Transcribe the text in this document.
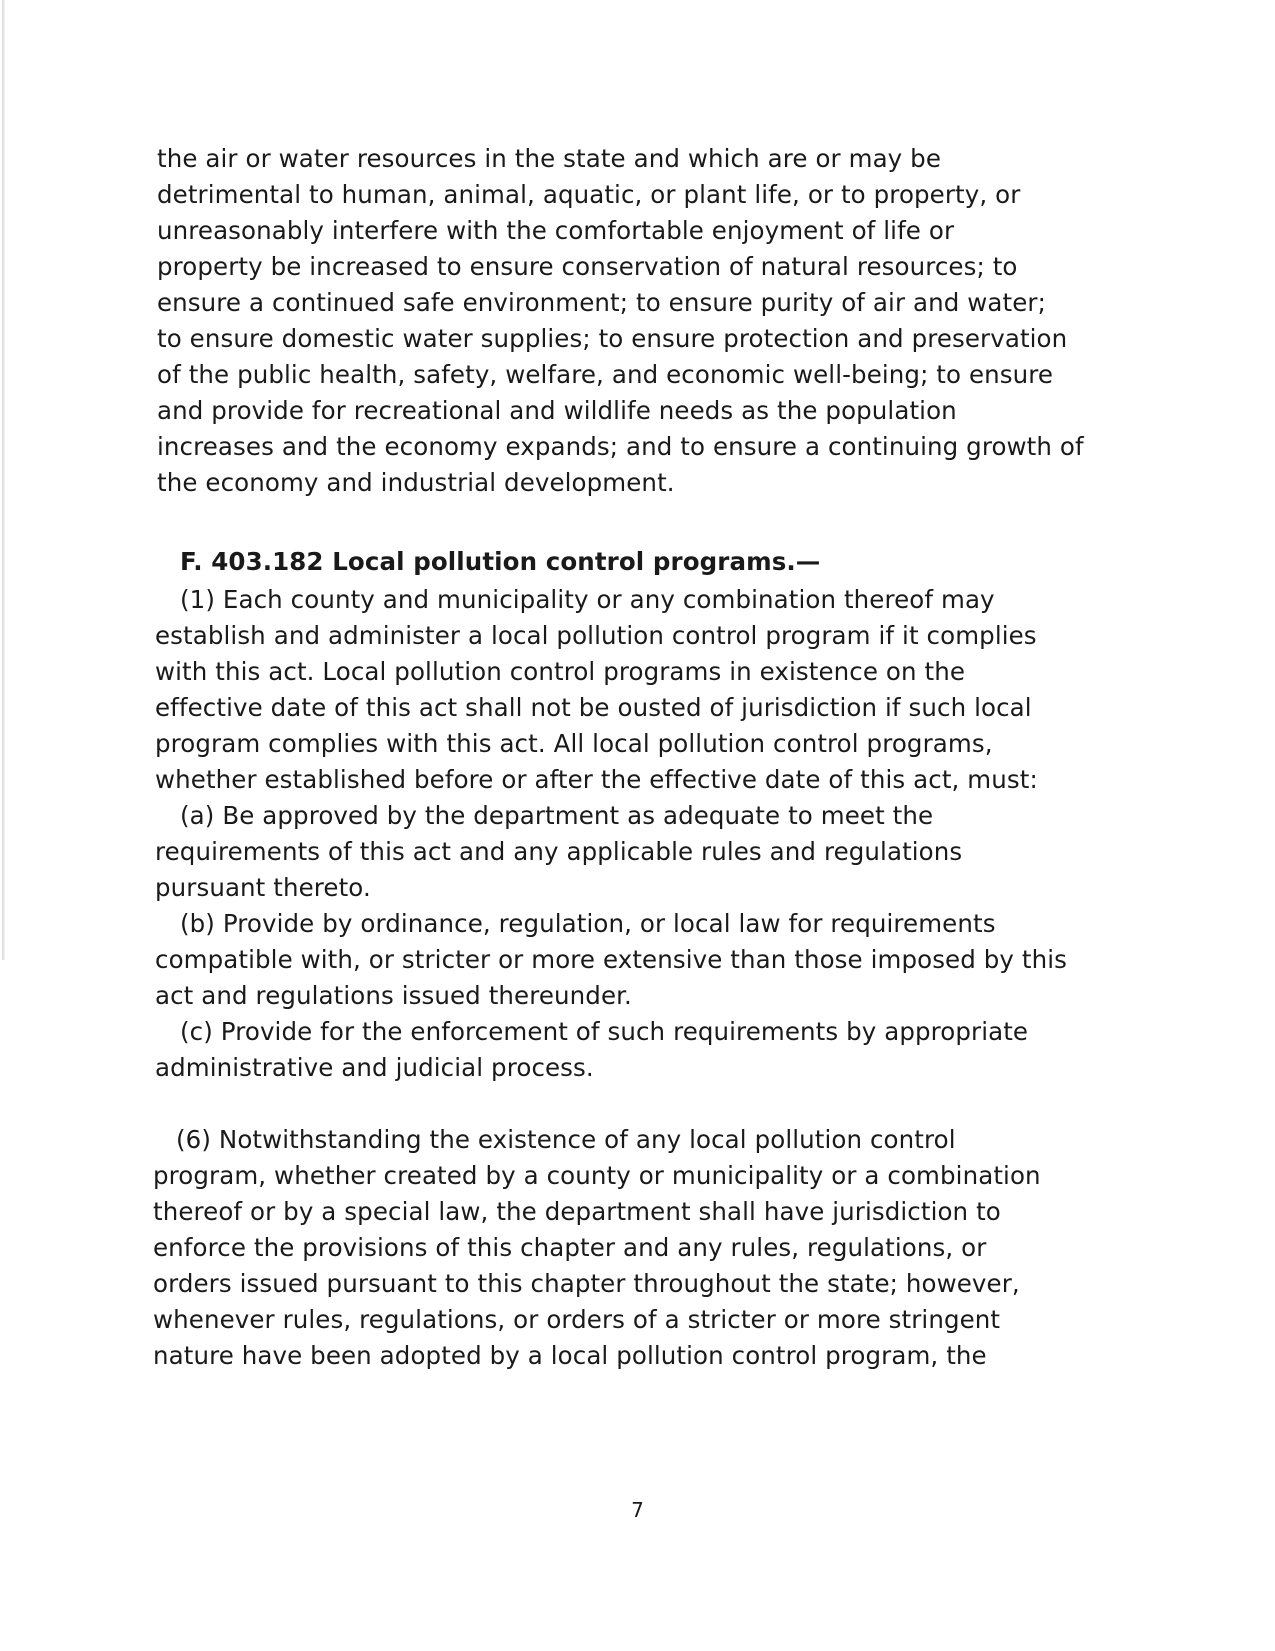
the air or water resources in the state and which are or may be
detrimental to human, animal, aquatic, or plant life, or to property, or
unreasonably interfere with the comfortable enjoyment of life or
property be increased to ensure conservation of natural resources; to
ensure a continued safe environment; to ensure purity of air and water;
to ensure domestic water supplies; to ensure protection and preservation
of the public health, safety, welfare, and economic well-being; to ensure
and provide for recreational and wildlife needs as the population
increases and the economy expands; and to ensure a continuing growth of
the economy and industrial development.
F. 403.182 Local pollution control programs.—
(1) Each county and municipality or any combination thereof may
establish and administer a local pollution control program if it complies
with this act. Local pollution control programs in existence on the
effective date of this act shall not be ousted of jurisdiction if such local
program complies with this act. All local pollution control programs,
whether established before or after the effective date of this act, must:
(a) Be approved by the department as adequate to meet the
requirements of this act and any applicable rules and regulations
pursuant thereto.
(b) Provide by ordinance, regulation, or local law for requirements
compatible with, or stricter or more extensive than those imposed by this
act and regulations issued thereunder.
(c) Provide for the enforcement of such requirements by appropriate
administrative and judicial process.
(6) Notwithstanding the existence of any local pollution control
program, whether created by a county or municipality or a combination
thereof or by a special law, the department shall have jurisdiction to
enforce the provisions of this chapter and any rules, regulations, or
orders issued pursuant to this chapter throughout the state; however,
whenever rules, regulations, or orders of a stricter or more stringent
nature have been adopted by a local pollution control program, the
7
